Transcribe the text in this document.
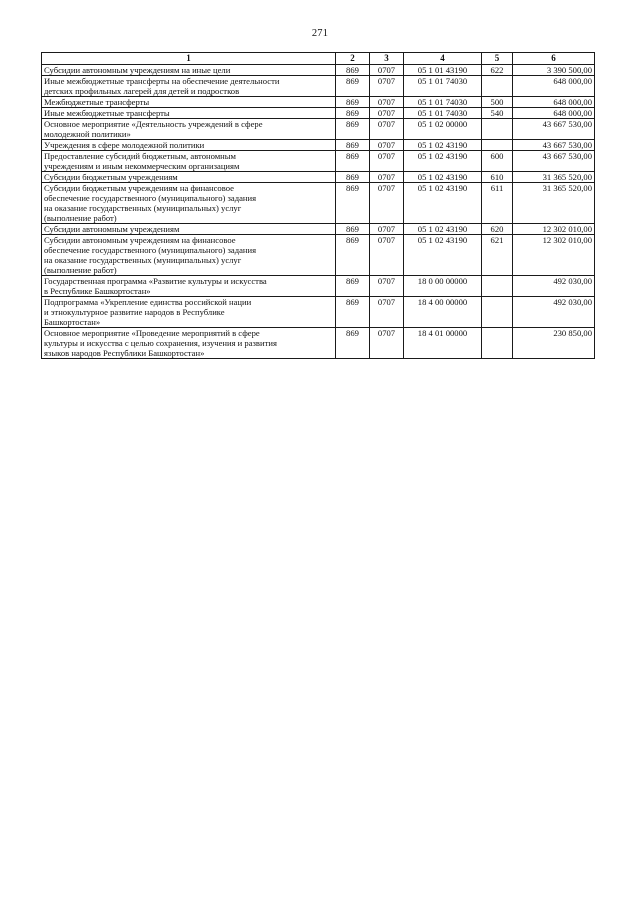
271
1	2	3	4	5	6
Субсидии автономным учреждениям на иные цели	869	0707	05 1 01 43190	622	3 390 500,00
Иные межбюджетные трансферты на обеспечение деятельности
детских профильных лагерей для детей и подростков	869	0707	05 1 01 74030		648 000,00
Межбюджетные трансферты	869	0707	05 1 01 74030	500	648 000,00
Иные межбюджетные трансферты	869	0707	05 1 01 74030	540	648 000,00
Основное мероприятие «Деятельность учреждений в сфере
молодежной политики»	869	0707	05 1 02 00000		43 667 530,00
Учреждения в сфере молодежной политики	869	0707	05 1 02 43190		43 667 530,00
Предоставление субсидий бюджетным, автономным
учреждениям и иным некоммерческим организациям	869	0707	05 1 02 43190	600	43 667 530,00
Субсидии бюджетным учреждениям	869	0707	05 1 02 43190	610	31 365 520,00
Субсидии бюджетным учреждениям на финансовое
обеспечение государственного (муниципального) задания
на оказание государственных (муниципальных) услуг
(выполнение работ)	869	0707	05 1 02 43190	611	31 365 520,00
Субсидии автономным учреждениям	869	0707	05 1 02 43190	620	12 302 010,00
Субсидии автономным учреждениям на финансовое
обеспечение государственного (муниципального) задания
на оказание государственных (муниципальных) услуг
(выполнение работ)	869	0707	05 1 02 43190	621	12 302 010,00
Государственная программа «Развитие культуры и искусства
в Республике Башкортостан»	869	0707	18 0 00 00000		492 030,00
Подпрограмма «Укрепление единства российской нации
и этнокультурное развитие народов в Республике
Башкортостан»	869	0707	18 4 00 00000		492 030,00
Основное мероприятие «Проведение мероприятий в сфере
культуры и искусства с целью сохранения, изучения и развития
языков народов Республики Башкортостан»	869	0707	18 4 01 00000		230 850,00
